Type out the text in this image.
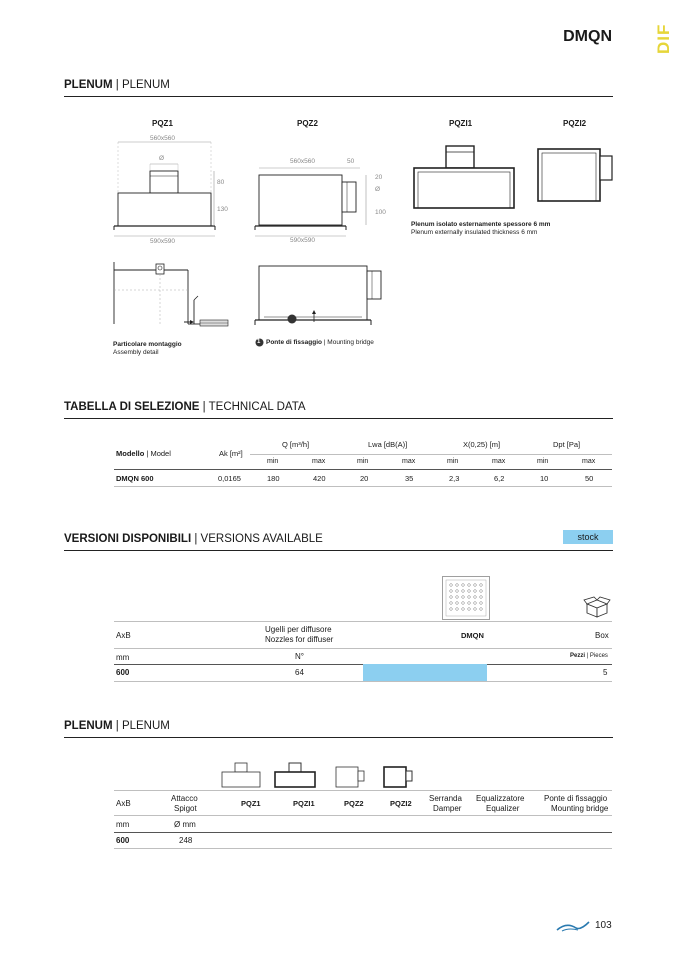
DMQN DIF
PLENUM | PLENUM
PQZ1	PQZ2	PQZI1	PQZI2
560x560
Ø
80
130
590x590
560x560	50
20
Ø
100
590x590
Plenum isolato esternamente spessore 6 mm
Plenum externally insulated thickness 6 mm
Particolare montaggio
Assembly detail
1 Ponte di fissaggio | Mounting bridge
TABELLA DI SELEZIONE | TECHNICAL DATA
Modello | Model	Ak [m²]
Q [m³/h]	Lwa [dB(A)]	X(0,25) [m]	Dpt [Pa]
min	max	min	max	min	max	min	max
DMQN 600	0,0165	180	420	20	35	2,3	6,2	10	50
VERSIONI DISPONIBILI | VERSIONS AVAILABLE	stock
AxB
Ugelli per diffusore
Nozzles for diffuser	DMQN	Box
mm	N°	Pezzi | Pieces
600	64	5
PLENUM | PLENUM
AxB
Attacco
Spigot
PQZ1	PQZI1	PQZ2	PQZI2
Serranda
Damper
Equalizzatore
Equalizer
Ponte di fissaggio
Mounting bridge
mm	Ø mm
600	248
103
